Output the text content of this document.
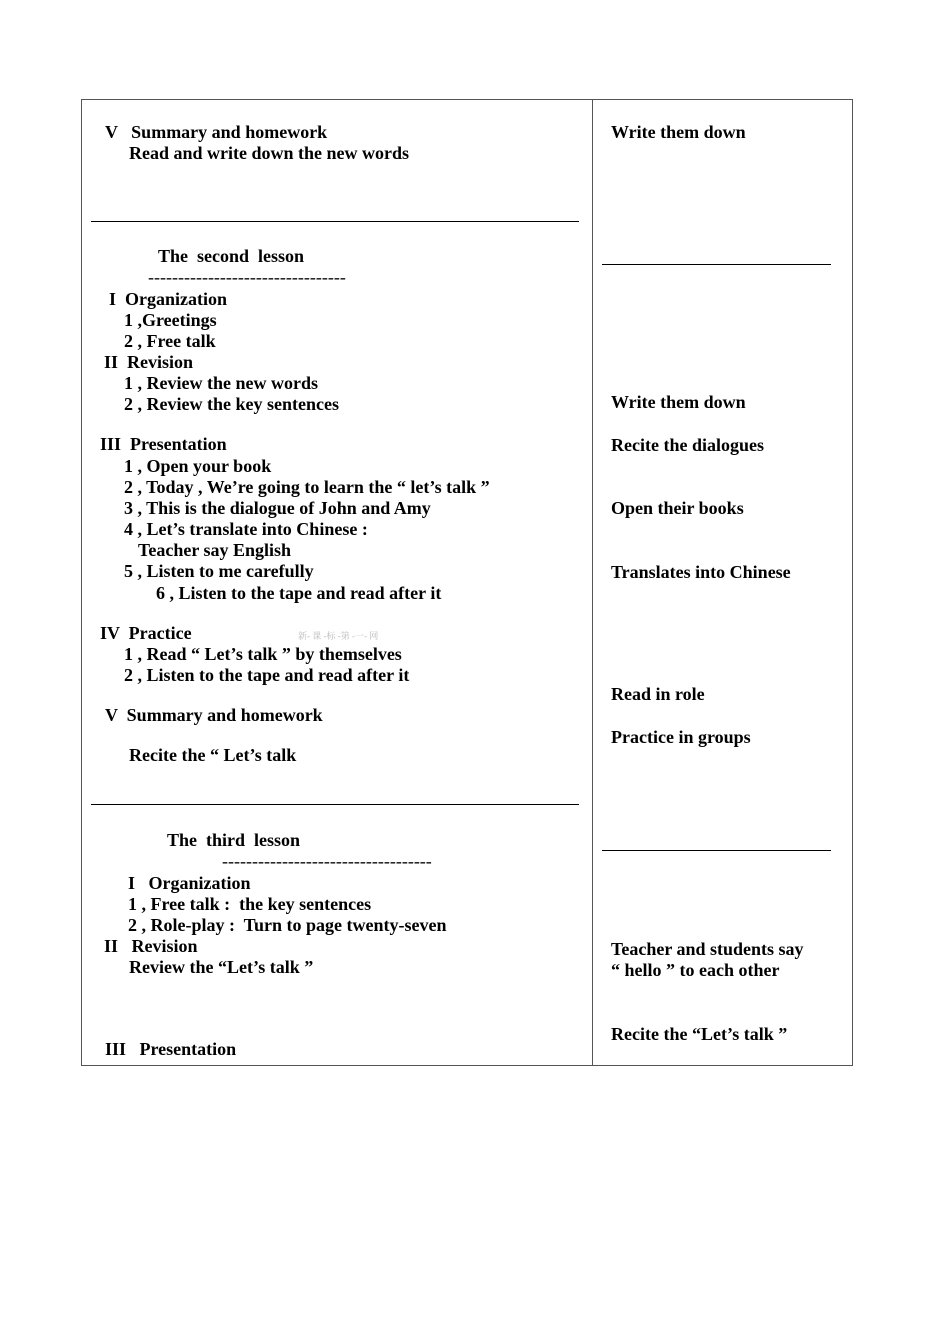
V   Summary and homework
Read and write down the new words
The  second  lesson
---------------------------------
I  Organization
1 ,Greetings
2 , Free talk
II  Revision
1 , Review the new words
2 , Review the key sentences
III  Presentation
1 , Open your book
2 , Today , We’re going to learn the “ let’s talk ”
3 , This is the dialogue of John and Amy
4 , Let’s translate into Chinese :
Teacher say English
5 , Listen to me carefully
6 , Listen to the tape and read after it
IV  Practice	新- 课 -标 -第 -一- 网
1 , Read “ Let’s talk ” by themselves
2 , Listen to the tape and read after it
V  Summary and homework
Recite the “ Let’s talk
The  third  lesson
-----------------------------------
I   Organization
1 , Free talk :  the key sentences
2 , Role-play :  Turn to page twenty-seven
II   Revision
Review the “Let’s talk ”
III   Presentation
Write them down
Write them down
Recite the dialogues
Open their books
Translates into Chinese
Read in role
Practice in groups
Teacher and students say
“ hello ” to each other
Recite the “Let’s talk ”
